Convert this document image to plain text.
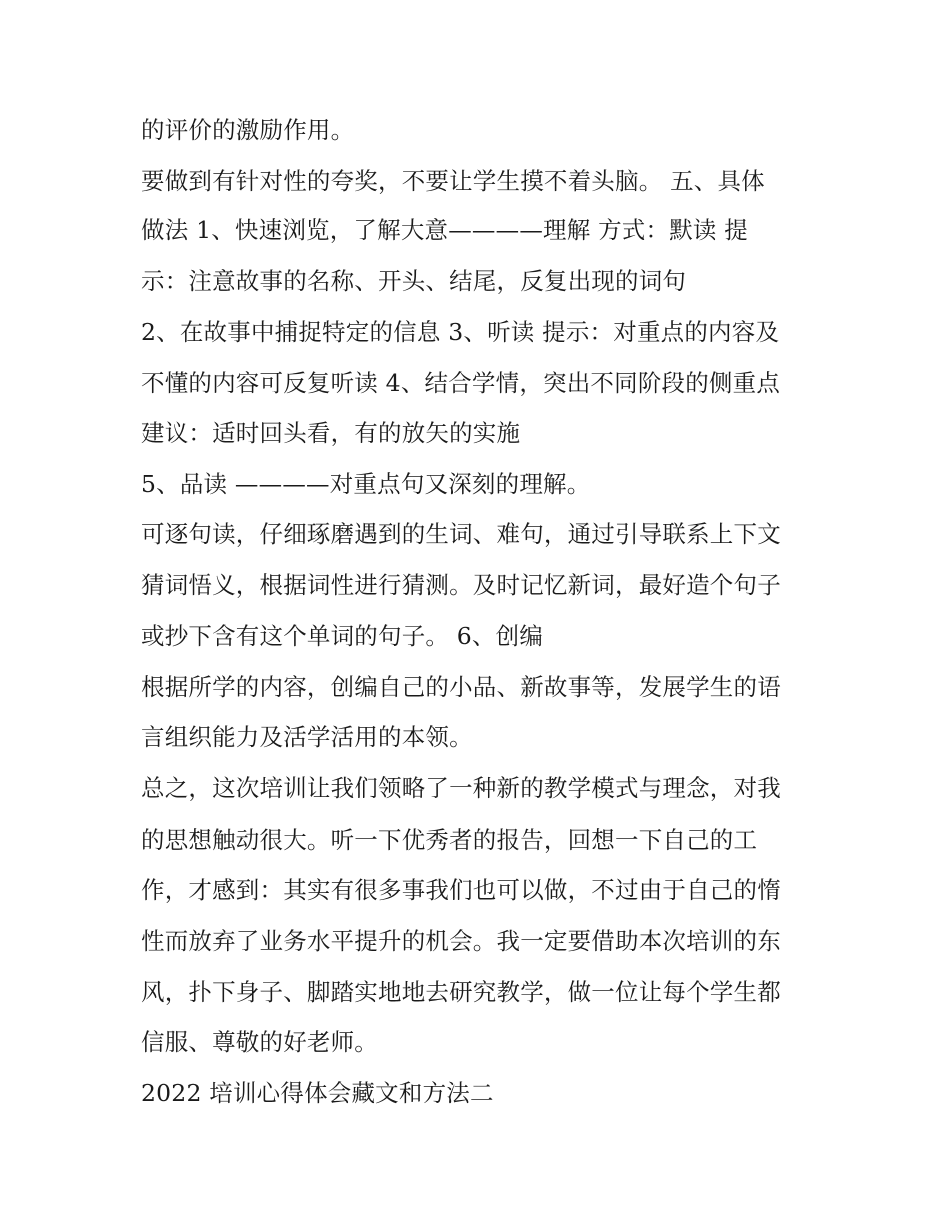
的评价的激励作用。
要做到有针对性的夸奖，不要让学生摸不着头脑。 五、具体
做法 1、快速浏览，了解大意————理解 方式：默读 提
示：注意故事的名称、开头、结尾，反复出现的词句
2、在故事中捕捉特定的信息 3、听读 提示：对重点的内容及
不懂的内容可反复听读 4、结合学情，突出不同阶段的侧重点
建议：适时回头看，有的放矢的实施
5、品读 ————对重点句又深刻的理解。
可逐句读，仔细琢磨遇到的生词、难句，通过引导联系上下文
猜词悟义，根据词性进行猜测。及时记忆新词，最好造个句子
或抄下含有这个单词的句子。 6、创编
根据所学的内容，创编自己的小品、新故事等，发展学生的语
言组织能力及活学活用的本领。
总之，这次培训让我们领略了一种新的教学模式与理念，对我
的思想触动很大。听一下优秀者的报告，回想一下自己的工
作，才感到：其实有很多事我们也可以做，不过由于自己的惰
性而放弃了业务水平提升的机会。我一定要借助本次培训的东
风，扑下身子、脚踏实地地去研究教学，做一位让每个学生都
信服、尊敬的好老师。
2022 培训心得体会藏文和方法二
